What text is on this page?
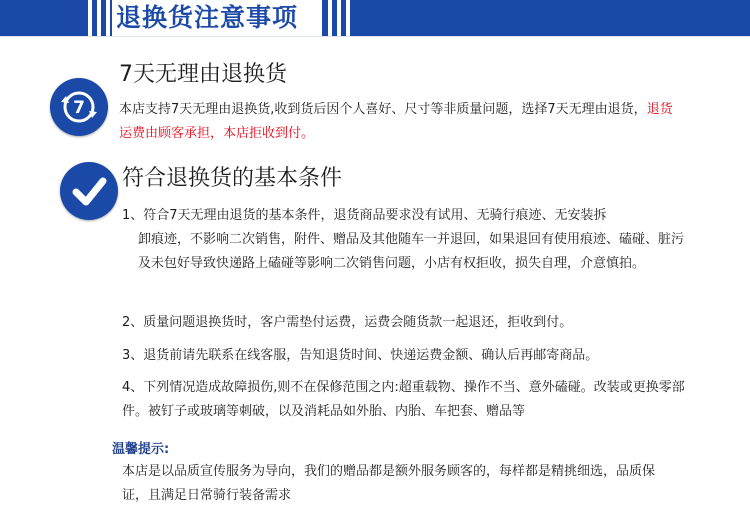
退换货注意事项
7
7天无理由退换货
本店支持7天无理由退换货,收到货后因个人喜好、尺寸等非质量问题，选择7天无理由退货，退货运费由顾客承担，本店拒收到付。
符合退换货的基本条件
1、符合7天无理由退货的基本条件，退货商品要求没有试用、无骑行痕迹、无安装拆
卸痕迹，不影响二次销售，附件、赠品及其他随车一并退回，如果退回有使用痕迹、磕碰、脏污及未包好导致快递路上磕碰等影响二次销售问题，小店有权拒收，损失自理，介意慎拍。
2、质量问题退换货时，客户需垫付运费，运费会随货款一起退还，拒收到付。
3、退货前请先联系在线客服，告知退货时间、快递运费金额、确认后再邮寄商品。
4、下列情况造成故障损伤,则不在保修范围之内:超重载物、操作不当、意外磕碰。改装或更换零部件。被钉子或玻璃等刺破，以及消耗品如外胎、内胎、车把套、赠品等
温馨提示:
本店是以品质宣传服务为导向，我们的赠品都是额外服务顾客的，每样都是精挑细选，品质保证，且满足日常骑行装备需求
